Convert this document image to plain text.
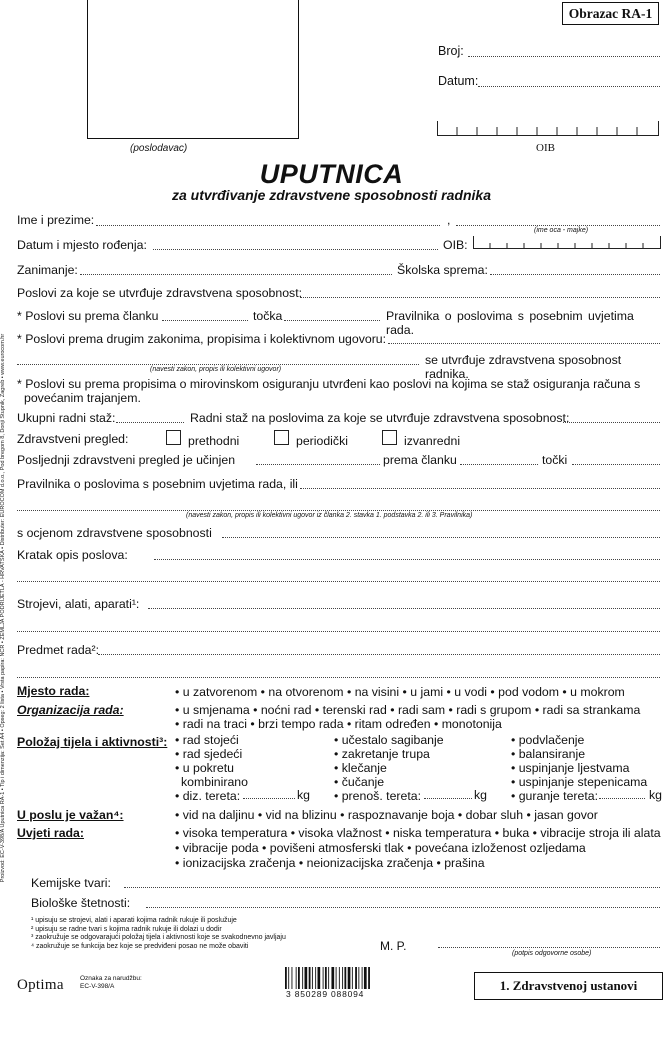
(poslodavac)
Obrazac RA-1
Broj:
Datum:
OIB
UPUTNICA
za utvrđivanje zdravstvene sposobnosti radnika
Proizvod: EC-V-398/A Uputnica RA-1 • Tip i dimenzija: Set A4 • Opseg: 2 lista • Vrsta papira: NCR • ZEMLJA PODRIJETLA - HRVATSKA • Distributer: EUROCOM d.o.o., Pod bregom 8, Donji Stupnik, Zagreb • www.eurocom.hr
Ime i prezime:	,
(ime oca - majke)
Datum i mjesto rođenja:	OIB:
Zanimanje:	Školska sprema:
Poslovi za koje se utvrđuje zdravstvena sposobnost:
* Poslovi su prema članku	točka	Pravilnika o poslovima s posebnim uvjetima rada.
* Poslovi prema drugim zakonima, propisima i kolektivnom ugovoru:
(navesti zakon, propis ili kolektivni ugovor)
se utvrđuje zdravstvena sposobnost radnika.
* Poslovi su prema propisima o mirovinskom osiguranju utvrđeni kao poslovi na kojima se staž osiguranja računa s
povećanim trajanjem.
Ukupni radni staž:	Radni staž na poslovima za koje se utvrđuje zdravstvena sposobnost:
Zdravstveni pregled:	prethodni	periodički	izvanredni
Posljednji zdravstveni pregled je učinjen	prema članku	točki
Pravilnika o poslovima s posebnim uvjetima rada, ili
(navesti zakon, propis ili kolektivni ugovor iz članka 2. stavka 1. podstavka 2. ili 3. Pravilnika)
s ocjenom zdravstvene sposobnosti
Kratak opis poslova:
Strojevi, alati, aparati¹:
Predmet rada²:
Mjesto rada:	• u zatvorenom • na otvorenom • na visini • u jami • u vodi • pod vodom • u mokrom
Organizacija rada:	• u smjenama • noćni rad • terenski rad • radi sam • radi s grupom • radi sa strankama
• radi na traci • brzi tempo rada • ritam određen • monotonija
Položaj tijela i aktivnosti³: • rad stojeći
• rad sjedeći
• u pokretu
kombinirano
• diz. tereta:	kg
• učestalo sagibanje
• zakretanje trupa
• klečanje
• čučanje
• prenoš. tereta:	kg
• podvlačenje
• balansiranje
• uspinjanje ljestvama
• uspinjanje stepenicama
• guranje tereta:	kg
U poslu je važan⁴:	• vid na daljinu • vid na blizinu • raspoznavanje boja • dobar sluh • jasan govor
Uvjeti rada:	• visoka temperatura • visoka vlažnost • niska temperatura • buka • vibracije stroja ili alata
• vibracije poda • povišeni atmosferski tlak • povećana izloženost ozljedama
• ionizacijska zračenja • neionizacijska zračenja • prašina
Kemijske tvari:
Biološke štetnosti:
¹ upisuju se strojevi, alati i aparati kojima radnik rukuje ili poslužuje
² upisuju se radne tvari s kojima radnik rukuje ili dolazi u dodir
³ zaokružuje se odgovarajući položaj tijela i aktivnosti koje se svakodnevno javljaju
⁴ zaokružuje se funkcija bez koje se predviđeni posao ne može obaviti	M. P.
(potpis odgovorne osobe)
Optima Oznaka za narudžbu:
EC-V-398/A
3 850289 088094
1. Zdravstvenoj ustanovi
